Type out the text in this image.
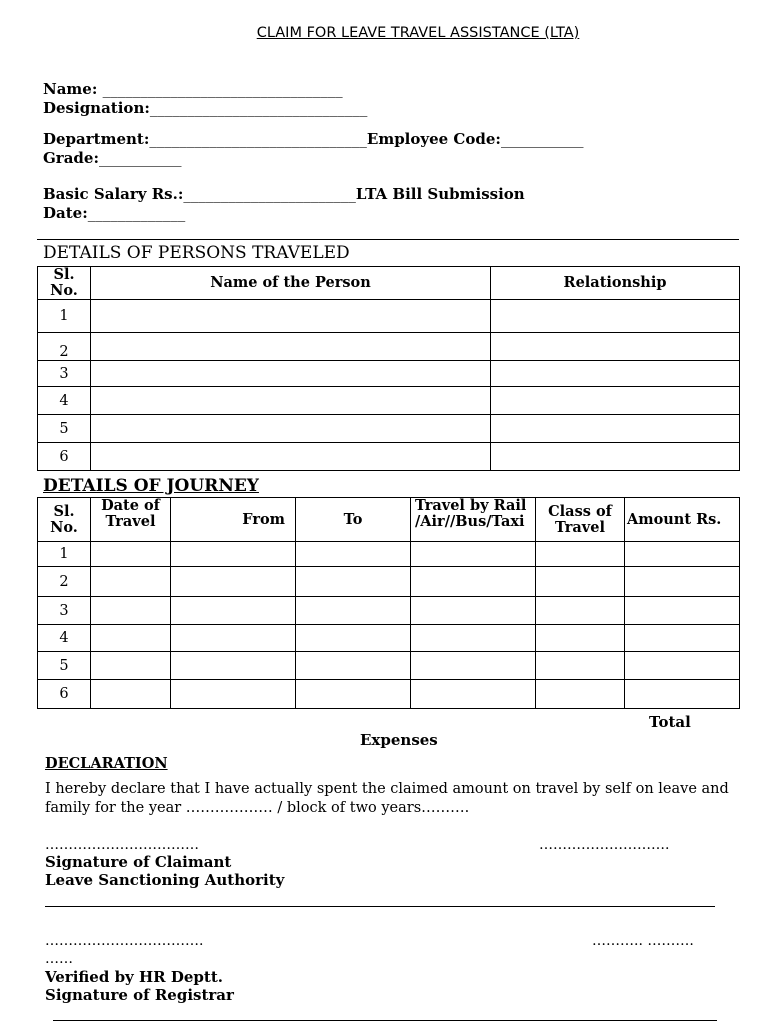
CLAIM FOR LEAVE TRAVEL ASSISTANCE (LTA)
Name: ________________________________
Designation:_____________________________
Department:_____________________________Employee Code:___________
Grade:___________
Basic Salary Rs.:_______________________LTA Bill Submission
Date:_____________
DETAILS OF PERSONS TRAVELED
Sl. No.	Name of the Person	Relationship
1		
2		
3		
4		
5		
6		
DETAILS OF JOURNEY
Sl. No.	Date of Travel	From	To	Travel by Rail /Air//Bus/Taxi	Class of Travel	Amount Rs.
1						
2						
3						
4						
5						
6						
Total
Expenses
DECLARATION
I hereby declare that I have actually spent the claimed amount on travel by self on leave and family for the year ……………… / block of two years……….
……………………………	……………………….
Signature of Claimant
Leave Sanctioning Authority
…………………………….
……
……….. ……….
Verified by HR Deptt.
Signature of Registrar
